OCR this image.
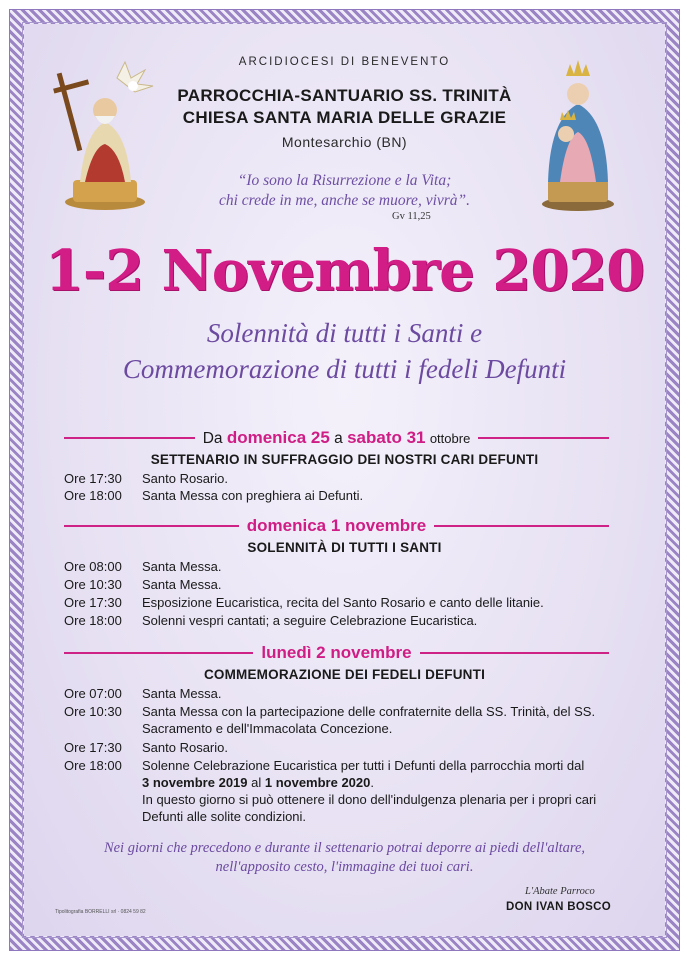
ARCIDIOCESI DI BENEVENTO
PARROCCHIA-SANTUARIO SS. TRINITÀ
CHIESA SANTA MARIA DELLE GRAZIE
Montesarchio (BN)
“Io sono la Risurrezione e la Vita;
chi crede in me, anche se muore, vivrà”.
Gv 11,25
1-2 Novembre 2020
Solennità di tutti i Santi e
Commemorazione di tutti i fedeli Defunti
Da domenica 25 a sabato 31 ottobre
SETTENARIO IN SUFFRAGGIO DEI NOSTRI CARI DEFUNTI
Ore 17:30	Santo Rosario.
Ore 18:00	Santa Messa con preghiera ai Defunti.
domenica 1 novembre
SOLENNITÀ DI TUTTI I SANTI
Ore 08:00	Santa Messa.
Ore 10:30	Santa Messa.
Ore 17:30	Esposizione Eucaristica, recita del Santo Rosario e canto delle litanie.
Ore 18:00	Solenni vespri cantati; a seguire Celebrazione Eucaristica.
lunedì 2 novembre
COMMEMORAZIONE DEI FEDELI DEFUNTI
Ore 07:00	Santa Messa.
Ore 10:30	Santa Messa con la partecipazione delle confraternite della SS. Trinità, del SS.
Sacramento e dell'Immacolata Concezione.
Ore 17:30	Santo Rosario.
Ore 18:00	Solenne Celebrazione Eucaristica per tutti i Defunti della parrocchia morti dal
3 novembre 2019 al 1 novembre 2020.
In questo giorno si può ottenere il dono dell'indulgenza plenaria per i propri cari
Defunti alle solite condizioni.
Nei giorni che precedono e durante il settenario potrai deporre ai piedi dell'altare,
nell'apposito cesto, l'immagine dei tuoi cari.
L'Abate Parroco
DON IVAN BOSCO
Tipolitografia BORRELLI srl · 0824 59 82
